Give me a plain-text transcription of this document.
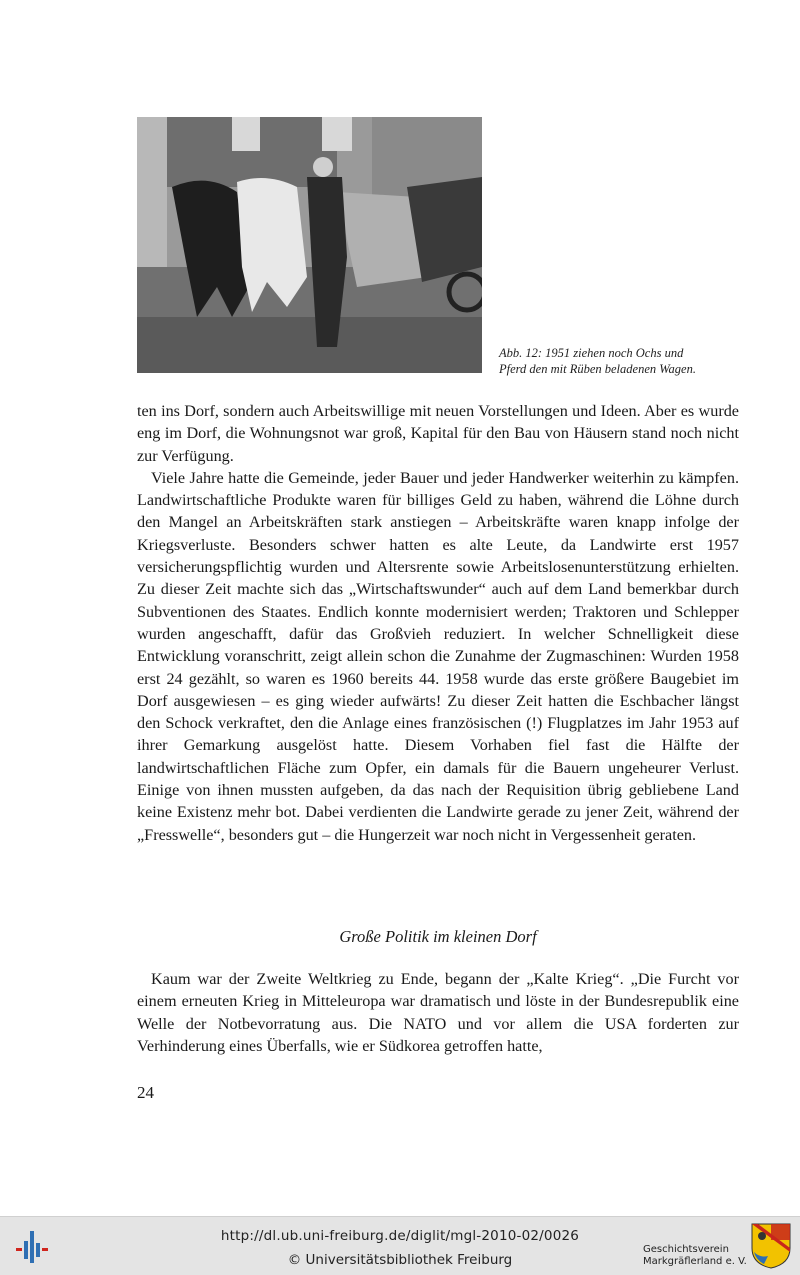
Abb. 12: 1951 ziehen noch Ochs und
Pferd den mit Rüben beladenen Wagen.

ten ins Dorf, sondern auch Arbeitswillige mit neuen Vorstellungen und Ideen. Aber es wurde eng im Dorf, die Wohnungsnot war groß, Kapital für den Bau von Häusern stand noch nicht zur Verfügung.

Viele Jahre hatte die Gemeinde, jeder Bauer und jeder Handwerker weiterhin zu kämpfen. Landwirtschaftliche Produkte waren für billiges Geld zu haben, während die Löhne durch den Mangel an Arbeitskräften stark anstiegen – Arbeitskräfte waren knapp infolge der Kriegsverluste. Besonders schwer hatten es alte Leute, da Landwirte erst 1957 versicherungspflichtig wurden und Altersrente sowie Arbeitslosenunterstützung erhielten. Zu dieser Zeit machte sich das „Wirtschaftswunder“ auch auf dem Land bemerkbar durch Subventionen des Staates. Endlich konnte modernisiert werden; Traktoren und Schlepper wurden angeschafft, dafür das Großvieh reduziert. In welcher Schnelligkeit diese Entwicklung voranschritt, zeigt allein schon die Zunahme der Zugmaschinen: Wurden 1958 erst 24 gezählt, so waren es 1960 bereits 44. 1958 wurde das erste größere Baugebiet im Dorf ausgewiesen – es ging wieder aufwärts! Zu dieser Zeit hatten die Eschbacher längst den Schock verkraftet, den die Anlage eines französischen (!) Flugplatzes im Jahr 1953 auf ihrer Gemarkung ausgelöst hatte. Diesem Vorhaben fiel fast die Hälfte der landwirtschaftlichen Fläche zum Opfer, ein damals für die Bauern ungeheurer Verlust. Einige von ihnen mussten aufgeben, da das nach der Requisition übrig gebliebene Land keine Existenz mehr bot. Dabei verdienten die Landwirte gerade zu jener Zeit, während der „Fresswelle“, besonders gut – die Hungerzeit war noch nicht in Vergessenheit geraten.

Große Politik im kleinen Dorf

Kaum war der Zweite Weltkrieg zu Ende, begann der „Kalte Krieg“. „Die Furcht vor einem erneuten Krieg in Mitteleuropa war dramatisch und löste in der Bundesrepublik eine Welle der Notbevorratung aus. Die NATO und vor allem die USA forderten zur Verhinderung eines Überfalls, wie er Südkorea getroffen hatte,

24

http://dl.ub.uni-freiburg.de/diglit/mgl-2010-02/0026
© Universitätsbibliothek Freiburg
Geschichtsverein
Markgräflerland e. V.
